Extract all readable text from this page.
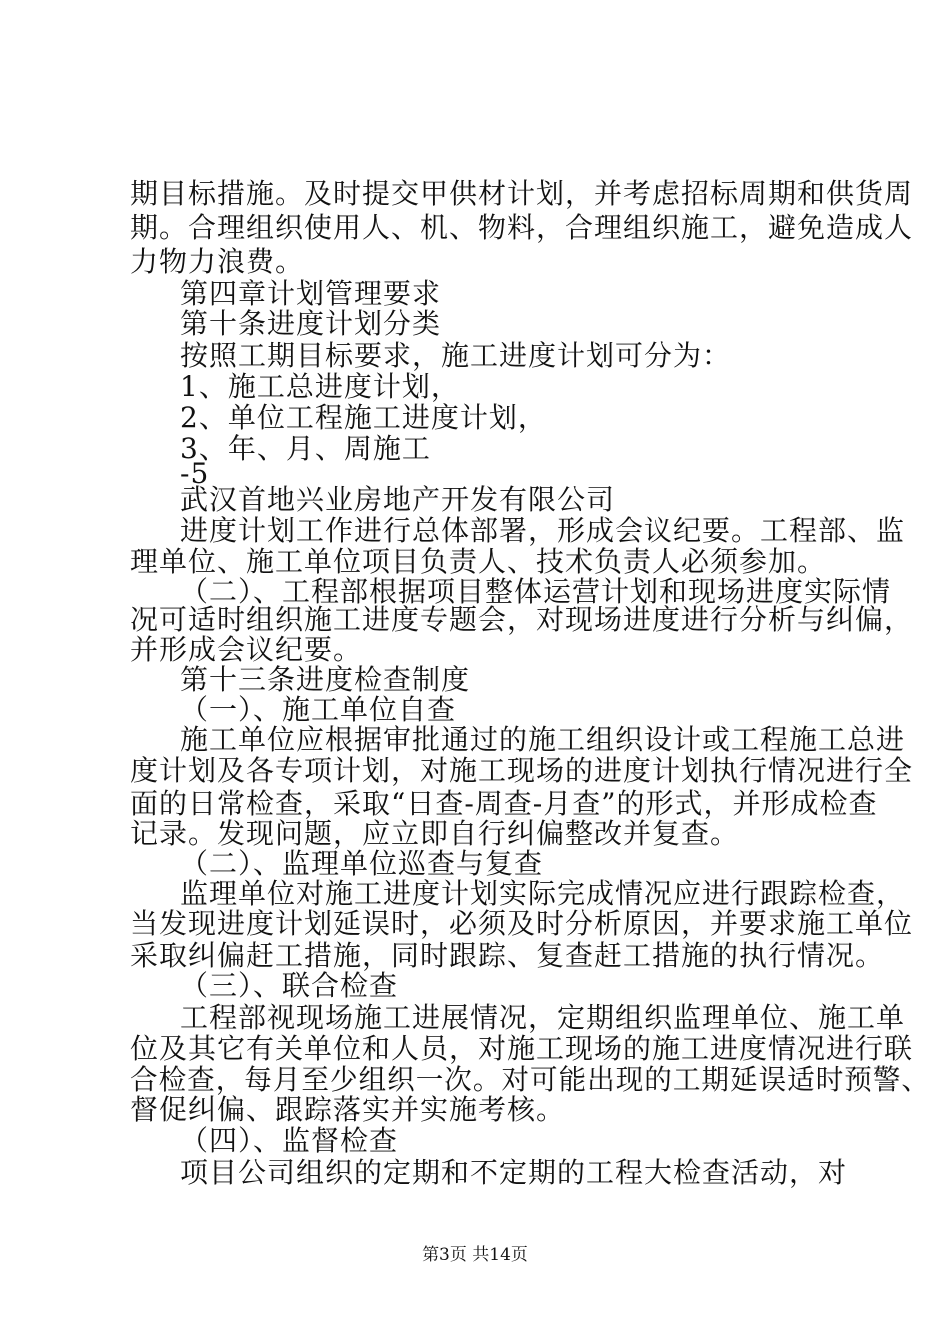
期目标措施。及时提交甲供材计划，并考虑招标周期和供货周
期。合理组织使用人、机、物料，合理组织施工，避免造成人
力物力浪费。
第四章计划管理要求
第十条进度计划分类
按照工期目标要求，施工进度计划可分为：
1、施工总进度计划，
2、单位工程施工进度计划，
3、年、月、周施工
-5
武汉首地兴业房地产开发有限公司
进度计划工作进行总体部署，形成会议纪要。工程部、监
理单位、施工单位项目负责人、技术负责人必须参加。
（二）、工程部根据项目整体运营计划和现场进度实际情
况可适时组织施工进度专题会，对现场进度进行分析与纠偏，
并形成会议纪要。
第十三条进度检查制度
（一）、施工单位自查
施工单位应根据审批通过的施工组织设计或工程施工总进
度计划及各专项计划，对施工现场的进度计划执行情况进行全
面的日常检查，采取“日查-周查-月查”的形式，并形成检查
记录。发现问题，应立即自行纠偏整改并复查。
（二）、监理单位巡查与复查
监理单位对施工进度计划实际完成情况应进行跟踪检查，
当发现进度计划延误时，必须及时分析原因，并要求施工单位
采取纠偏赶工措施，同时跟踪、复查赶工措施的执行情况。
（三）、联合检查
工程部视现场施工进展情况，定期组织监理单位、施工单
位及其它有关单位和人员，对施工现场的施工进度情况进行联
合检查，每月至少组织一次。对可能出现的工期延误适时预警、
督促纠偏、跟踪落实并实施考核。
（四）、监督检查
项目公司组织的定期和不定期的工程大检查活动，对
第3页 共14页
